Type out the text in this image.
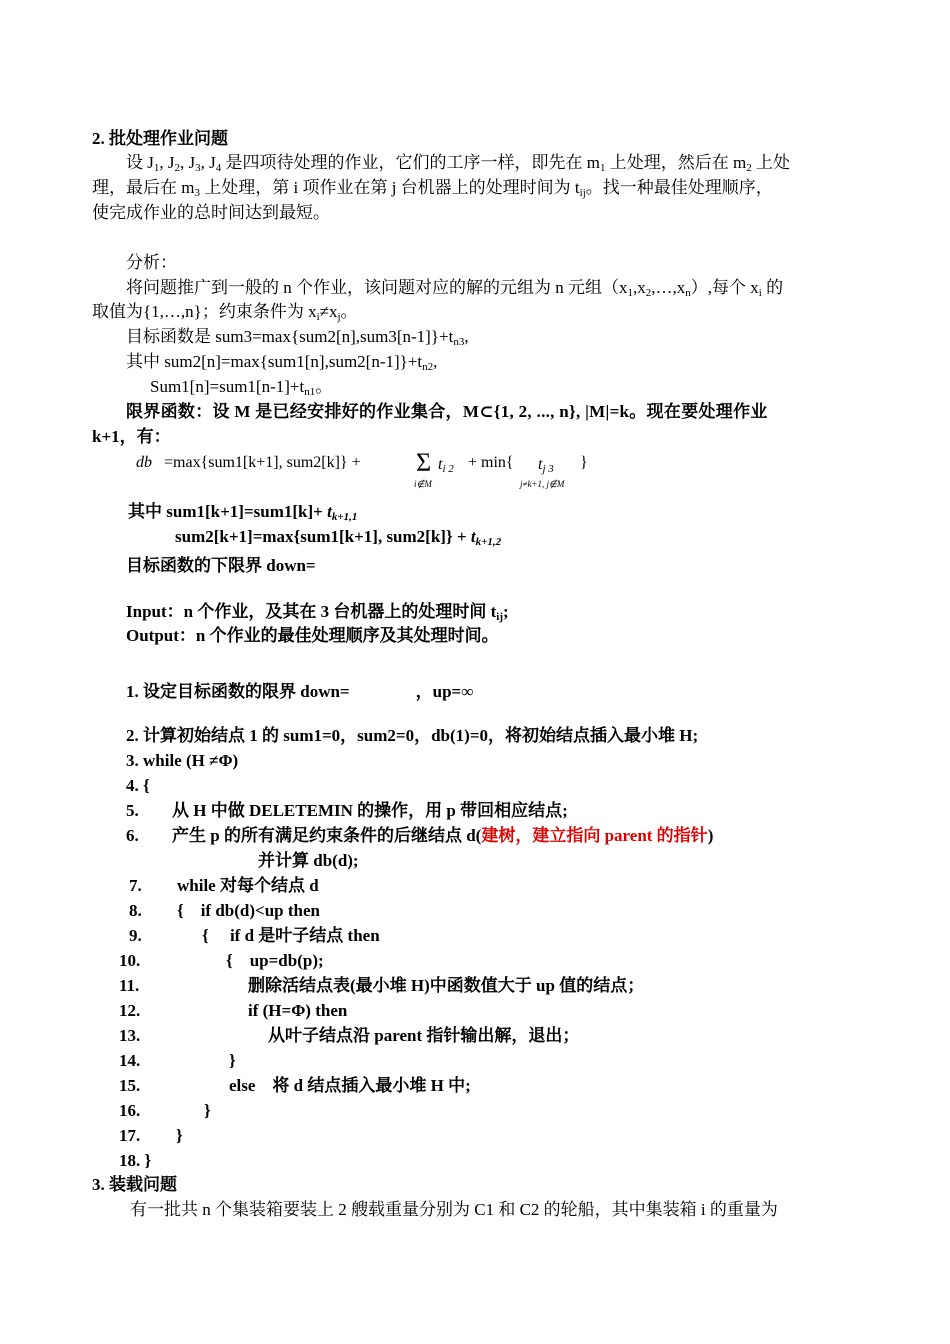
2. 批处理作业问题
设 $J_1$, $J_2$, $J_3$, $J_4$ 是四项待处理的作业，它们的工序一样，即先在 $m_1$ 上处理，然后在 $m_2$ 上处
理，最后在 $m_3$ 上处理，第 i 项作业在第 j 台机器上的处理时间为 $t_{ij}$。找一种最佳处理顺序，
使完成作业的总时间达到最短。
分析：
将问题推广到一般的 n 个作业，该问题对应的解的元组为 n 元组$(x_1,x_2,\dots,x_n)$,每个 $x_i$ 的
取值为{1,…,n}；约束条件为 $x_i\ne x_j$。
目标函数是 $sum3=\max\{sum2[n],sum3[n-1]\}+t_{n3}$,
其中 $sum2[n]=\max\{sum1[n],sum2[n-1]\}+t_{n2}$,
$Sum1[n]=sum1[n-1]+t_{n1}$。
限界函数：设 M 是已经安排好的作业集合，M⊂{1, 2, ..., n}, |M|=k。现在要处理作业
k+1，有：
db =max{sum1[k+1], sum2[k]} + Σ $t_{i 2} + \min${ $t_{j 3}$ }
i∉M	j≠k+1, j∉M
其中 $sum1[k+1]=sum1[k]+ t_{k+1,1}$
sum2[k+1]=max{sum1[k+1], $sum2[k]\} + t_{k+1,2}$
目标函数的下限界 down=
Input：n 个作业，及其在 3 台机器上的处理时间 $t_{ij}$;
Output：n 个作业的最佳处理顺序及其处理时间。
1. 设定目标函数的限界 down=	，up=∞
2. 计算初始结点 1 的 sum1=0，sum2=0，db(1)=0，将初始结点插入最小堆 H;
3. while (H ≠Φ)
4. {
5. 从 H 中做 DELETEMIN 的操作，用 p 带回相应结点;
6. 产生 p 的所有满足约束条件的后继结点 d(建树，建立指向 parent 的指针)
并计算 db(d);
7. while 对每个结点 d
8. {    if db(d)<up then
9.	{     if d 是叶子结点 then
10.	{    up=db(p);
11.	删除活结点表(最小堆 H)中函数值大于 up 值的结点；
12.	if (H=Φ) then
13.	从叶子结点沿 parent 指针输出解，退出；
14.	}
15.	else    将 d 结点插入最小堆 H 中;
16.	}
17. }
18. }
3. 装载问题
有一批共 n 个集装箱要装上 2 艘载重量分别为 C1 和 C2 的轮船，其中集装箱 i 的重量为
